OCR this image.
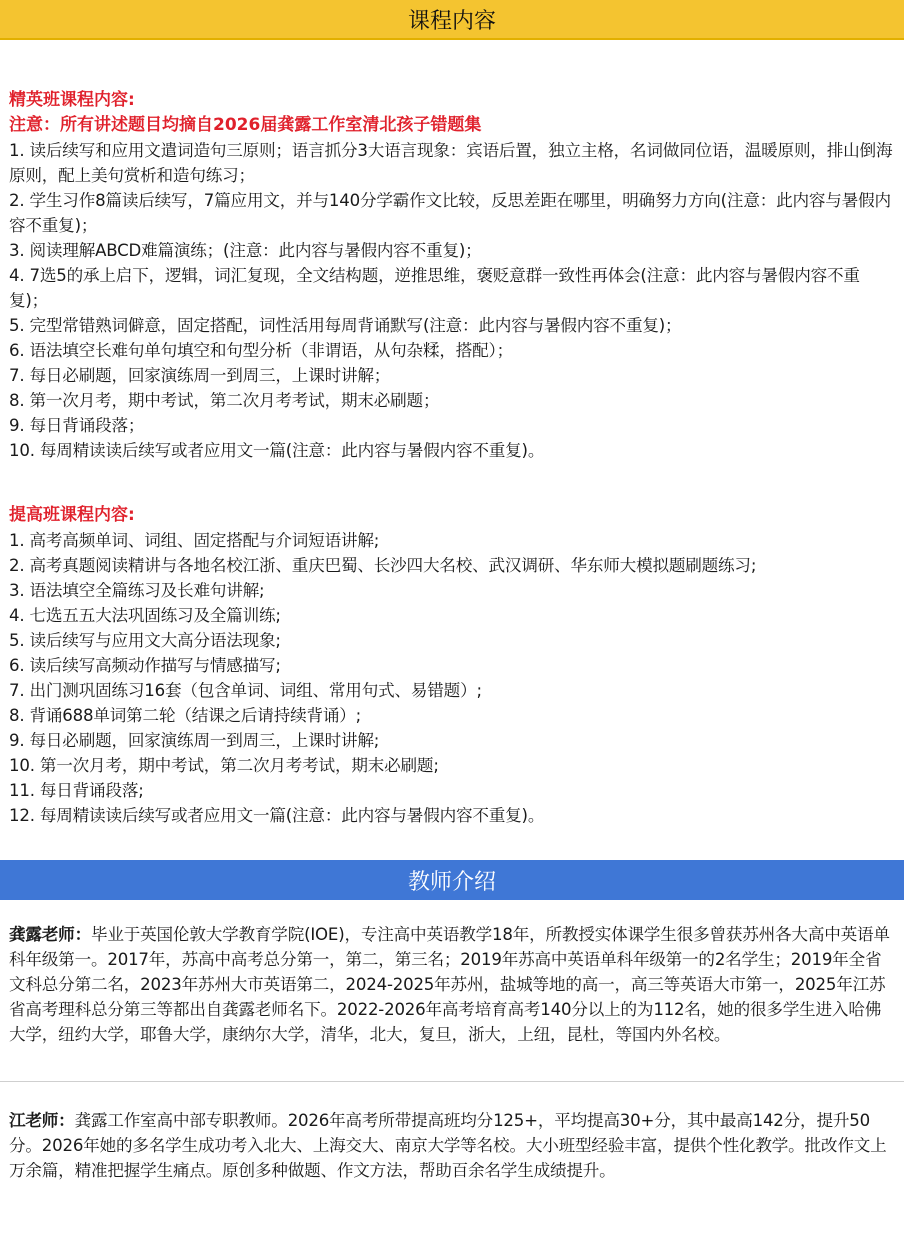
课程内容

精英班课程内容:

注意：所有讲述题目均摘自2026届龚露工作室清北孩子错题集

1. 读后续写和应用文遣词造句三原则；语言抓分3大语言现象：宾语后置，独立主格，名词做同位语，温暖原则，排山倒海原则，配上美句赏析和造句练习；
2. 学生习作8篇读后续写，7篇应用文，并与140分学霸作文比较，反思差距在哪里，明确努力方向(注意：此内容与暑假内容不重复)；
3. 阅读理解ABCD难篇演练；(注意：此内容与暑假内容不重复)；
4. 7选5的承上启下，逻辑，词汇复现，全文结构题，逆推思维，褒贬意群一致性再体会(注意：此内容与暑假内容不重复)；
5. 完型常错熟词僻意，固定搭配，词性活用每周背诵默写(注意：此内容与暑假内容不重复)；
6. 语法填空长难句单句填空和句型分析（非谓语，从句杂糅，搭配）；
7. 每日必刷题，回家演练周一到周三，上课时讲解；
8. 第一次月考，期中考试，第二次月考考试，期末必刷题；
9. 每日背诵段落；
10. 每周精读读后续写或者应用文一篇(注意：此内容与暑假内容不重复)。

提高班课程内容:

1. 高考高频单词、词组、固定搭配与介词短语讲解;
2. 高考真题阅读精讲与各地名校江浙、重庆巴蜀、长沙四大名校、武汉调研、华东师大模拟题刷题练习;
3. 语法填空全篇练习及长难句讲解;
4. 七选五五大法巩固练习及全篇训练;
5. 读后续写与应用文大高分语法现象;
6. 读后续写高频动作描写与情感描写;
7. 出门测巩固练习16套（包含单词、词组、常用句式、易错题）;
8. 背诵688单词第二轮（结课之后请持续背诵）;
9. 每日必刷题，回家演练周一到周三，上课时讲解;
10. 第一次月考，期中考试，第二次月考考试，期末必刷题;
11. 每日背诵段落;
12. 每周精读读后续写或者应用文一篇(注意：此内容与暑假内容不重复)。
教师介绍
龚露老师：毕业于英国伦敦大学教育学院(IOE)，专注高中英语教学18年，所教授实体课学生很多曾获苏州各大高中英语单科年级第一。2017年，苏高中高考总分第一，第二，第三名；2019年苏高中英语单科年级第一的2名学生；2019年全省文科总分第二名，2023年苏州大市英语第二，2024-2025年苏州，盐城等地的高一，高三等英语大市第一，2025年江苏省高考理科总分第三等都出自龚露老师名下。2022-2026年高考培育高考140分以上的为112名，她的很多学生进入哈佛大学，纽约大学，耶鲁大学，康纳尔大学，清华，北大，复旦，浙大，上纽，昆杜，等国内外名校。
江老师：龚露工作室高中部专职教师。2026年高考所带提高班均分125+，平均提高30+分，其中最高142分，提升50分。2026年她的多名学生成功考入北大、上海交大、南京大学等名校。大小班型经验丰富，提供个性化教学。批改作文上万余篇，精准把握学生痛点。原创多种做题、作文方法，帮助百余名学生成绩提升。
